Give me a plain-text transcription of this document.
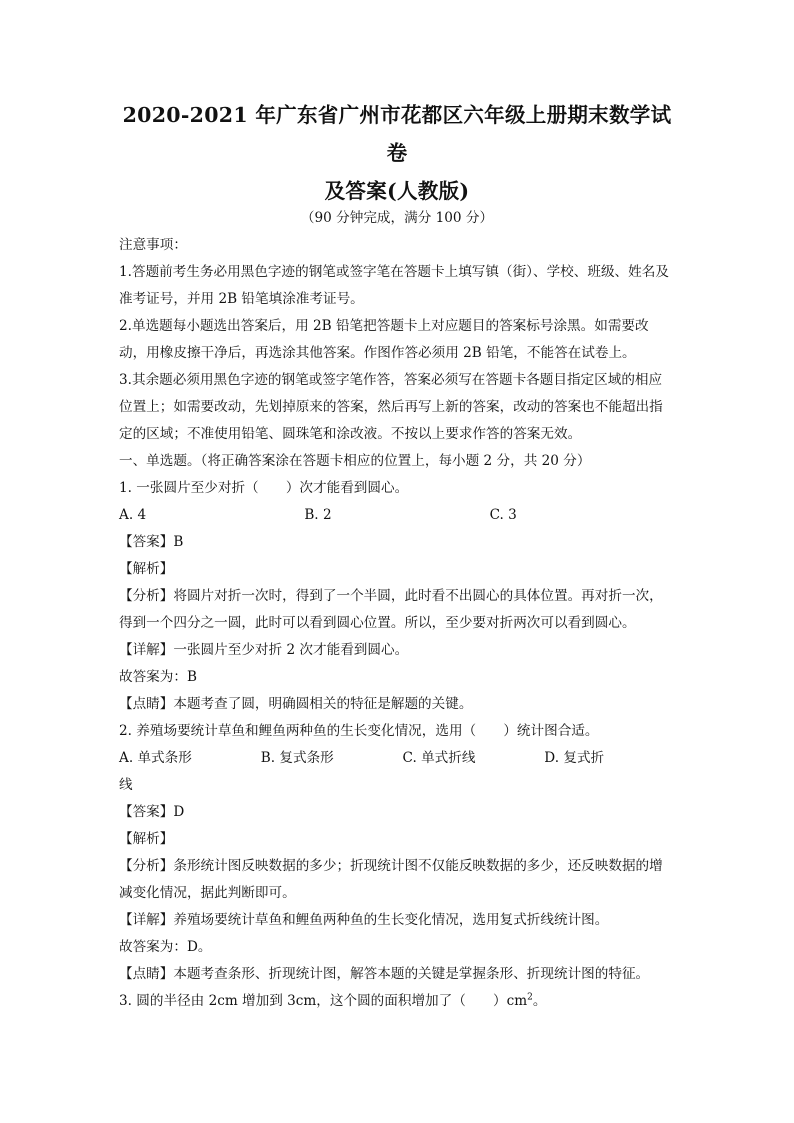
2020-2021 年广东省广州市花都区六年级上册期末数学试卷
及答案(人教版)

（90 分钟完成，满分 100 分）

注意事项：

1.答题前考生务必用黑色字迹的钢笔或签字笔在答题卡上填写镇（街）、学校、班级、姓名及准考证号，并用 2B 铅笔填涂准考证号。

2.单选题每小题选出答案后，用 2B 铅笔把答题卡上对应题目的答案标号涂黑。如需要改动，用橡皮擦干净后，再选涂其他答案。作图作答必须用 2B 铅笔，不能答在试卷上。

3.其余题必须用黑色字迹的钢笔或签字笔作答，答案必须写在答题卡各题目指定区域的相应位置上；如需要改动，先划掉原来的答案，然后再写上新的答案，改动的答案也不能超出指定的区域；不准使用铅笔、圆珠笔和涂改液。不按以上要求作答的答案无效。

一、单选题。（将正确答案涂在答题卡相应的位置上，每小题 2 分，共 20 分）

1. 一张圆片至少对折（　　）次才能看到圆心。

A. 4	B. 2	C. 3

【答案】B

【解析】

【分析】将圆片对折一次时，得到了一个半圆，此时看不出圆心的具体位置。再对折一次，得到一个四分之一圆，此时可以看到圆心位置。所以，至少要对折两次可以看到圆心。

【详解】一张圆片至少对折 2 次才能看到圆心。

故答案为：B

【点睛】本题考查了圆，明确圆相关的特征是解题的关键。

2. 养殖场要统计草鱼和鲤鱼两种鱼的生长变化情况，选用（　　）统计图合适。

A. 单式条形	B. 复式条形	C. 单式折线	D. 复式折

线

【答案】D

【解析】

【分析】条形统计图反映数据的多少；折现统计图不仅能反映数据的多少，还反映数据的增减变化情况，据此判断即可。

【详解】养殖场要统计草鱼和鲤鱼两种鱼的生长变化情况，选用复式折线统计图。

故答案为：D。

【点睛】本题考查条形、折现统计图，解答本题的关键是掌握条形、折现统计图的特征。

3. 圆的半径由 2cm 增加到 3cm，这个圆的面积增加了（　　）$cm^2$。
